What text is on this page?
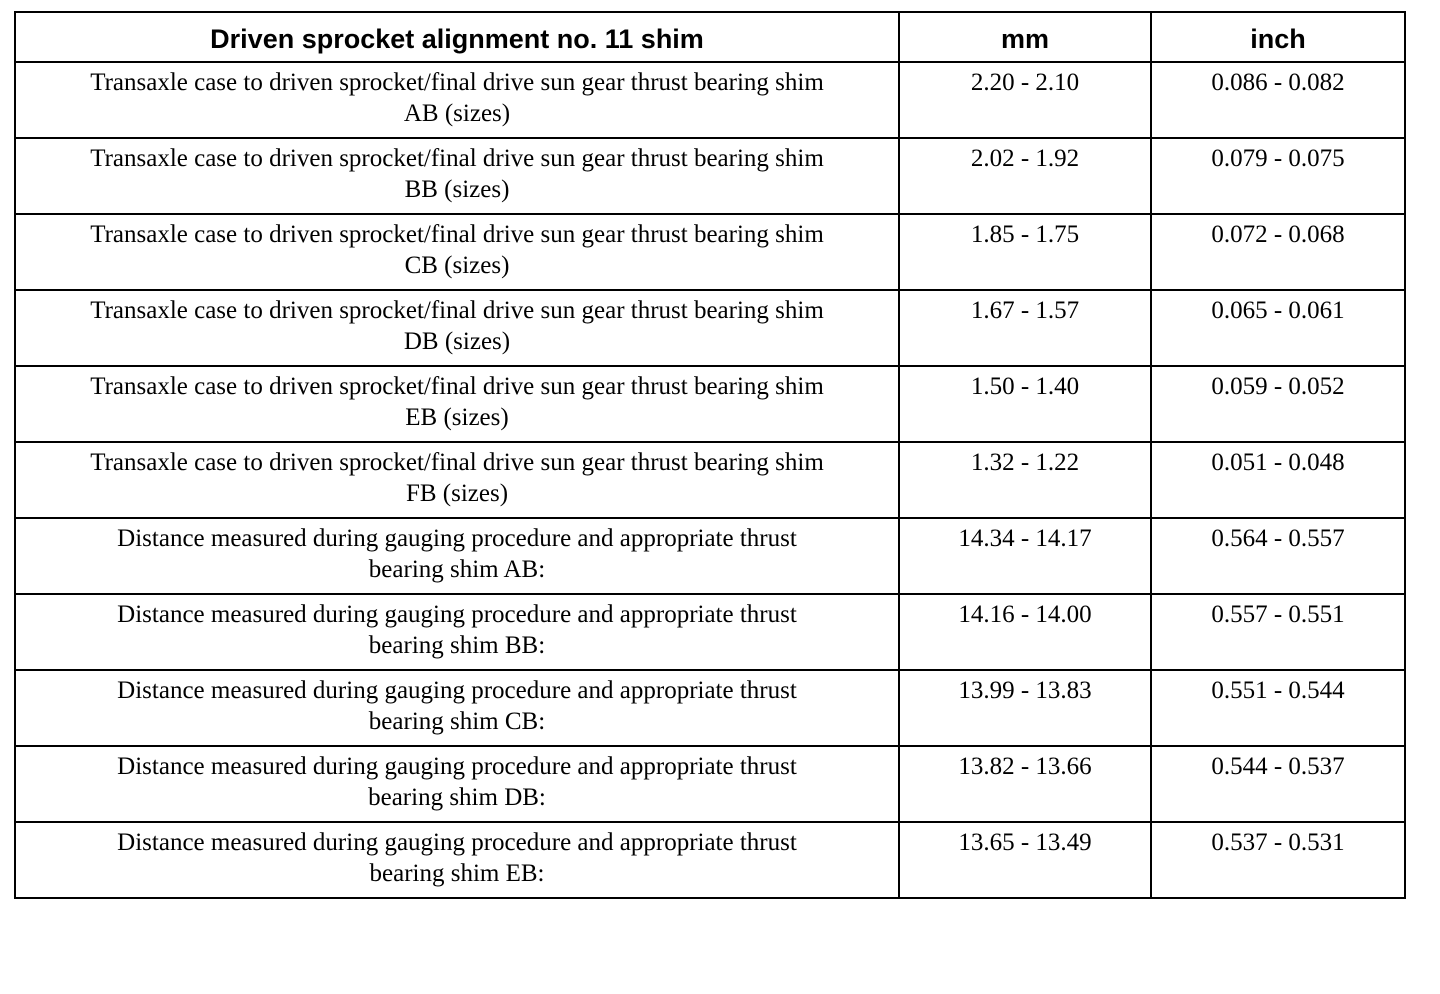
Driven sprocket alignment no. 11 shim	mm	inch
Transaxle case to driven sprocket/final drive sun gear thrust bearing shim
AB (sizes)	2.20 - 2.10	0.086 - 0.082
Transaxle case to driven sprocket/final drive sun gear thrust bearing shim
BB (sizes)	2.02 - 1.92	0.079 - 0.075
Transaxle case to driven sprocket/final drive sun gear thrust bearing shim
CB (sizes)	1.85 - 1.75	0.072 - 0.068
Transaxle case to driven sprocket/final drive sun gear thrust bearing shim
DB (sizes)	1.67 - 1.57	0.065 - 0.061
Transaxle case to driven sprocket/final drive sun gear thrust bearing shim
EB (sizes)	1.50 - 1.40	0.059 - 0.052
Transaxle case to driven sprocket/final drive sun gear thrust bearing shim
FB (sizes)	1.32 - 1.22	0.051 - 0.048
Distance measured during gauging procedure and appropriate thrust
bearing shim AB:	14.34 - 14.17	0.564 - 0.557
Distance measured during gauging procedure and appropriate thrust
bearing shim BB:	14.16 - 14.00	0.557 - 0.551
Distance measured during gauging procedure and appropriate thrust
bearing shim CB:	13.99 - 13.83	0.551 - 0.544
Distance measured during gauging procedure and appropriate thrust
bearing shim DB:	13.82 - 13.66	0.544 - 0.537
Distance measured during gauging procedure and appropriate thrust
bearing shim EB:	13.65 - 13.49	0.537 - 0.531
